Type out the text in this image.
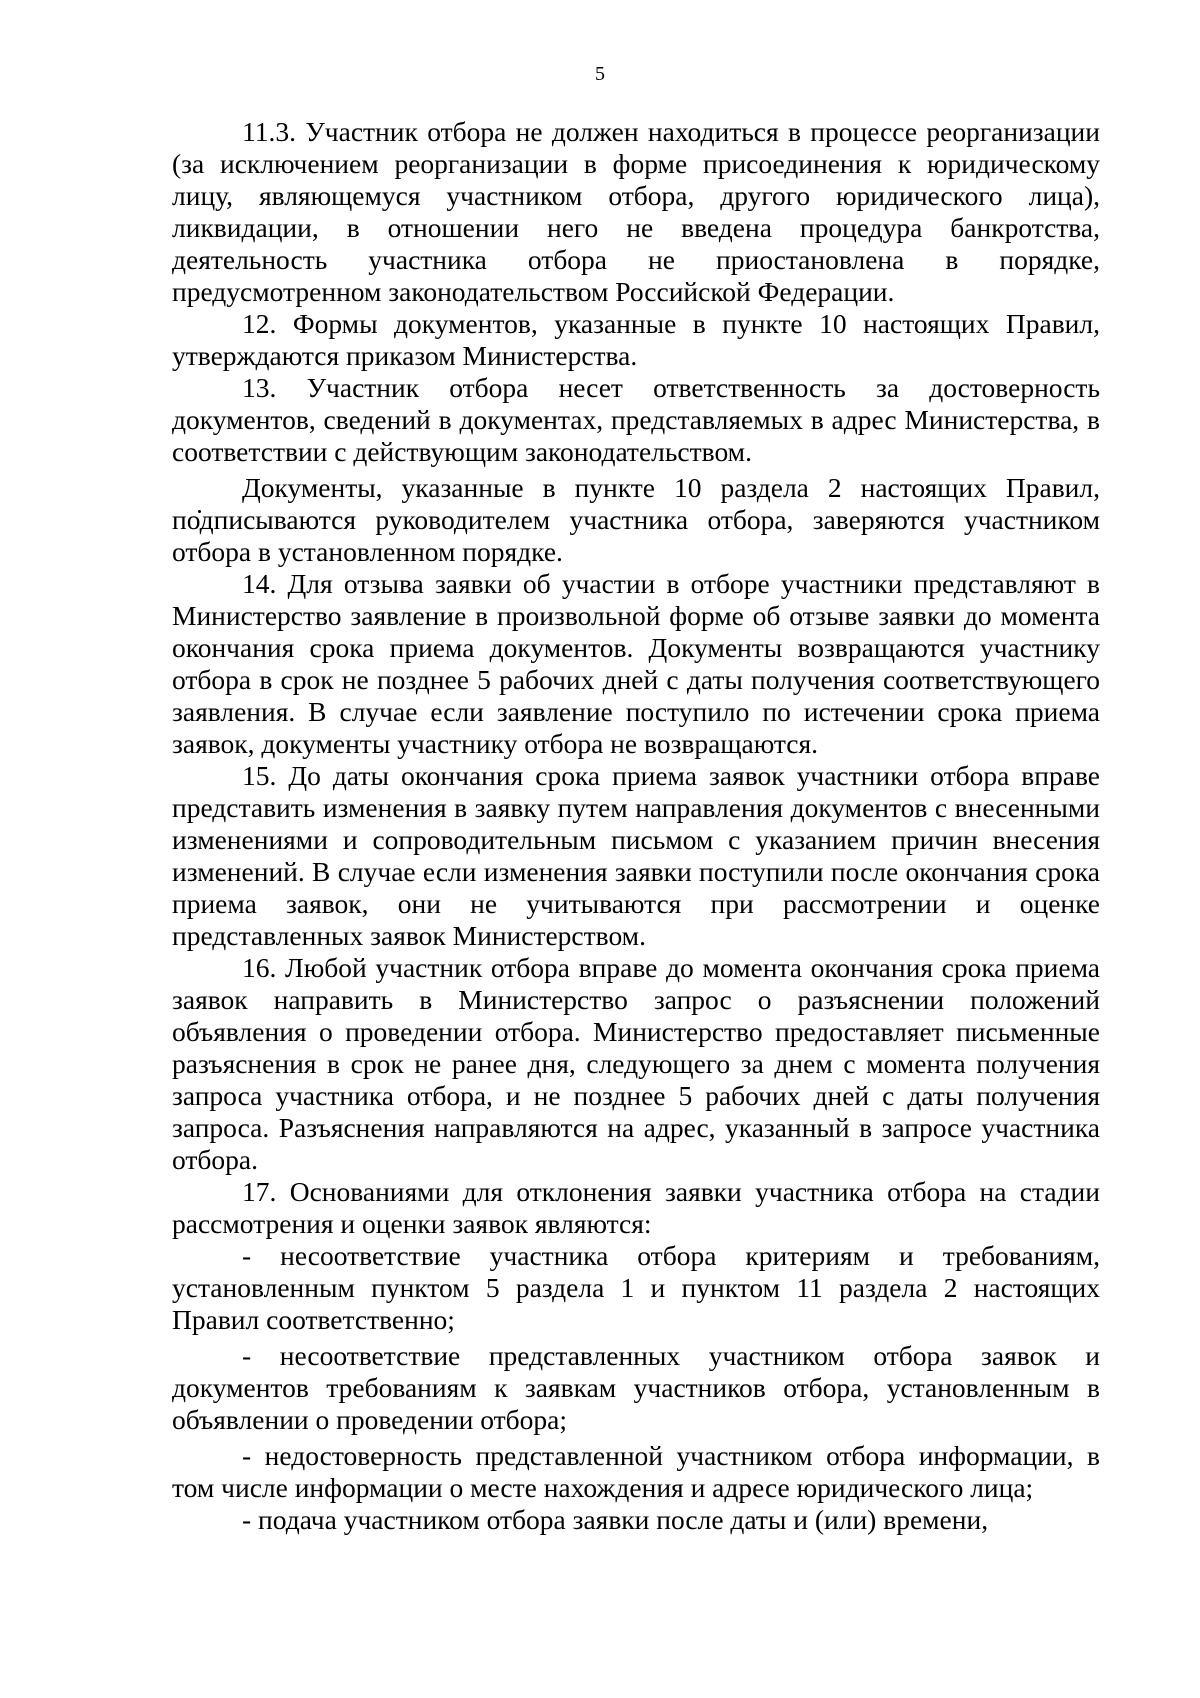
5

11.3. Участник отбора не должен находиться в процессе реорганизации (за исключением реорганизации в форме присоединения к юридическому лицу, являющемуся участником отбора, другого юридического лица), ликвидации, в отношении него не введена процедура банкротства, деятельность участника отбора не приостановлена в порядке, предусмотренном законодательством Российской Федерации.

12. Формы документов, указанные в пункте 10 настоящих Правил, утверждаются приказом Министерства.

13. Участник отбора несет ответственность за достоверность документов, сведений в документах, представляемых в адрес Министерства, в соответствии с действующим законодательством.

Документы, указанные в пункте 10 раздела 2 настоящих Правил, подписываются руководителем участника отбора, заверяются участником отбора в установленном порядке.

14. Для отзыва заявки об участии в отборе участники представляют в Министерство заявление в произвольной форме об отзыве заявки до момента окончания срока приема документов. Документы возвращаются участнику отбора в срок не позднее 5 рабочих дней с даты получения соответствующего заявления. В случае если заявление поступило по истечении срока приема заявок, документы участнику отбора не возвращаются.

15. До даты окончания срока приема заявок участники отбора вправе представить изменения в заявку путем направления документов с внесенными изменениями и сопроводительным письмом с указанием причин внесения изменений. В случае если изменения заявки поступили после окончания срока приема заявок, они не учитываются при рассмотрении и оценке представленных заявок Министерством.

16. Любой участник отбора вправе до момента окончания срока приема заявок направить в Министерство запрос о разъяснении положений объявления о проведении отбора. Министерство предоставляет письменные разъяснения в срок не ранее дня, следующего за днем с момента получения запроса участника отбора, и не позднее 5 рабочих дней с даты получения запроса. Разъяснения направляются на адрес, указанный в запросе участника отбора.

17. Основаниями для отклонения заявки участника отбора на стадии рассмотрения и оценки заявок являются:

- несоответствие участника отбора критериям и требованиям, установленным пунктом 5 раздела 1 и пунктом 11 раздела 2 настоящих Правил соответственно;

- несоответствие представленных участником отбора заявок и документов требованиям к заявкам участников отбора, установленным в объявлении о проведении отбора;

- недостоверность представленной участником отбора информации, в том числе информации о месте нахождения и адресе юридического лица;

- подача участником отбора заявки после даты и (или) времени,
